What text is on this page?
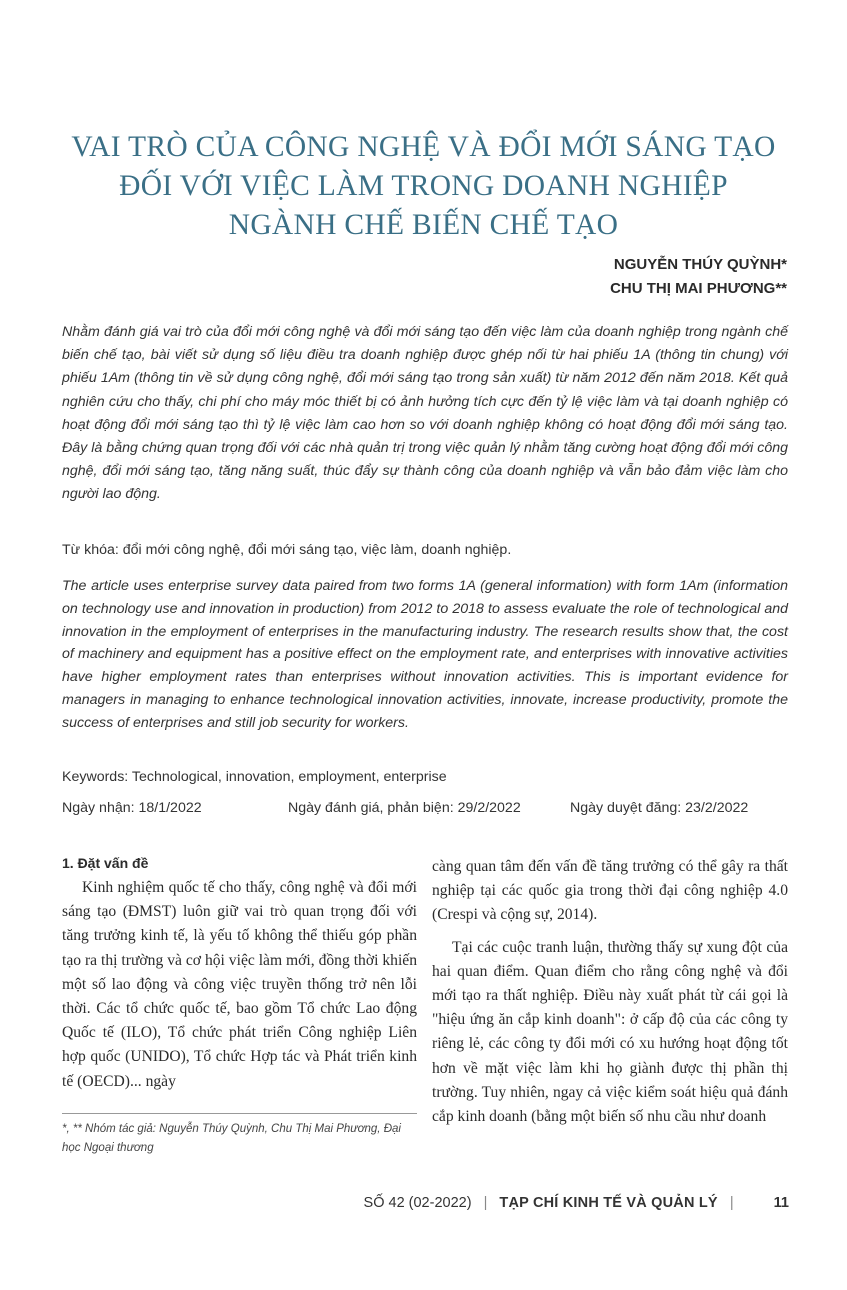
VAI TRÒ CỦA CÔNG NGHỆ VÀ ĐỔI MỚI SÁNG TẠO
ĐỐI VỚI VIỆC LÀM TRONG DOANH NGHIỆP
NGÀNH CHẾ BIẾN CHẾ TẠO
NGUYỄN THÚY QUỲNH*
CHU THỊ MAI PHƯƠNG**

Nhằm đánh giá vai trò của đổi mới công nghệ và đổi mới sáng tạo đến việc làm của doanh nghiệp trong ngành chế biến chế tạo, bài viết sử dụng số liệu điều tra doanh nghiệp được ghép nối từ hai phiếu 1A (thông tin chung) với phiếu 1Am (thông tin về sử dụng công nghệ, đổi mới sáng tạo trong sản xuất) từ năm 2012 đến năm 2018. Kết quả nghiên cứu cho thấy, chi phí cho máy móc thiết bị có ảnh hưởng tích cực đến tỷ lệ việc làm và tại doanh nghiệp có hoạt động đổi mới sáng tạo thì tỷ lệ việc làm cao hơn so với doanh nghiệp không có hoạt động đổi mới sáng tạo. Đây là bằng chứng quan trọng đối với các nhà quản trị trong việc quản lý nhằm tăng cường hoạt động đổi mới công nghệ, đổi mới sáng tạo, tăng năng suất, thúc đẩy sự thành công của doanh nghiệp và vẫn bảo đảm việc làm cho người lao động.

Từ khóa: đổi mới công nghệ, đổi mới sáng tạo, việc làm, doanh nghiệp.

The article uses enterprise survey data paired from two forms 1A (general information) with form 1Am (information on technology use and innovation in production) from 2012 to 2018 to assess evaluate the role of technological and innovation in the employment of enterprises in the manufacturing industry. The research results show that, the cost of machinery and equipment has a positive effect on the employment rate, and enterprises with innovative activities have higher employment rates than enterprises without innovation activities. This is important evidence for managers in managing to enhance technological innovation activities, innovate, increase productivity, promote the success of enterprises and still job security for workers.

Keywords: Technological, innovation, employment, enterprise

Ngày nhận: 18/1/2022	Ngày đánh giá, phản biện: 29/2/2022	Ngày duyệt đăng: 23/2/2022
1. Đặt vấn đề

Kinh nghiệm quốc tế cho thấy, công nghệ và đổi mới sáng tạo (ĐMST) luôn giữ vai trò quan trọng đối với tăng trưởng kinh tế, là yếu tố không thể thiếu góp phần tạo ra thị trường và cơ hội việc làm mới, đồng thời khiến một số lao động và công việc truyền thống trở nên lỗi thời. Các tổ chức quốc tế, bao gồm Tổ chức Lao động Quốc tế (ILO), Tổ chức phát triển Công nghiệp Liên hợp quốc (UNIDO), Tổ chức Hợp tác và Phát triển kinh tế (OECD)... ngày

càng quan tâm đến vấn đề tăng trưởng có thể gây ra thất nghiệp tại các quốc gia trong thời đại công nghiệp 4.0 (Crespi và cộng sự, 2014).

Tại các cuộc tranh luận, thường thấy sự xung đột của hai quan điểm. Quan điểm cho rằng công nghệ và đổi mới tạo ra thất nghiệp. Điều này xuất phát từ cái gọi là "hiệu ứng ăn cắp kinh doanh": ở cấp độ của các công ty riêng lẻ, các công ty đổi mới có xu hướng hoạt động tốt hơn về mặt việc làm khi họ giành được thị phần thị trường. Tuy nhiên, ngay cả việc kiểm soát hiệu quả đánh cắp kinh doanh (bằng một biến số nhu cầu như doanh

*, ** Nhóm tác giả: Nguyễn Thúy Quỳnh, Chu Thị Mai Phương, Đại học Ngoại thương
SỐ 42 (02-2022) | TẠP CHÍ KINH TẾ VÀ QUẢN LÝ |	11
